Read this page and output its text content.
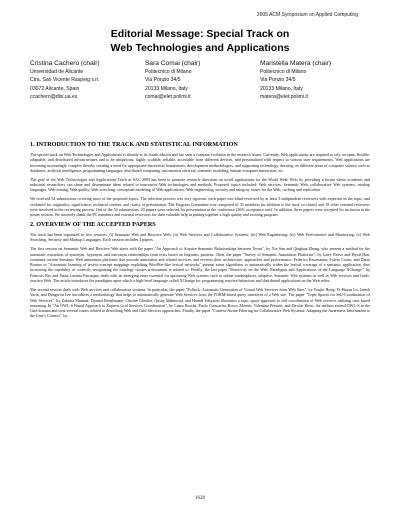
2005 ACM Symposium on Applied Computing
Editorial Message: Special Track on
Web Technologies and Applications
Cristina Cachero (chair)
Universidad de Alicante
Ctra. San Vicente Raspeig s.n.
03072 Alicante, Spain
ccachero@dlsi.ua.es
Sara Comai (chair)
Politecnico di Milano
Via Ponzio 34/5
20133 Milano, Italy
comai@elet.polimi.it
Maristella Matera (chair)
Politecnico di Milano
Via Ponzio 34/5
20133 Milano, Italy
matera@elet.polimi.it
1. INTRODUCTION TO THE TRACK AND STATISTICAL INFORMATION

The special track on Web Technologies and Applications is already at its fourth edition and has seen a constant evolution in the research issues. Currently, Web applications are required to rely on open, flexible, adaptable, and distributed infrastructures and to be ubiquitous, highly scalable, reliable, accessible from different devices, and personalized with respect to various user requirements. Web applications are becoming increasingly complex thereby creating a need for appropriate theoretical foundations, development methodologies, and supporting technology, drawing on different areas of computer science such as databases, artificial intelligence, programming languages, distributed computing, information retrieval, semantic modeling, human-computer interaction, etc.

The goal of the Web Technologies and Applications Track at SAC 2005 has been to promote research directions on novel applications for the World Wide Web, by providing a forum where academic and industrial researchers can share and disseminate ideas related to innovative Web technologies and methods. Proposed topics included: Web services, Semantic Web, collaborative Web systems, markup languages, Web mining, Web quality, Web searching, conceptual modeling of Web applications, Web engineering, security and integrity issues for the Web, caching and replication.

We received 54 submissions covering most of the proposed topics. The selection process was very rigorous: each paper was blind-reviewed by at least 3 independent reviewers with expertise in the topic, and evaluated for originality, significance, technical content, and clarity of presentation. The Program Committee was composed of 35 members (in addition to the track co-chairs) and 18 other external reviewers were involved in the reviewing process. Out of the 54 submissions, 20 papers were selected for presentation at the conference (36% acceptance rate). In addition, three papers were accepted for inclusion in the poster session. We sincerely thank the PC members and external reviewers for their valuable help in putting together a high quality and exciting program.

2. OVERVIEW OF THE ACCEPTED PAPERS

The track has been organized in five sessions: (i) Semantic Web and Reactive Web; (ii) Web Services and Collaborative Systems; (iii) Web Engineering; (iv) Web Performance and Monitoring; (v) Web Searching, Security and Markup Languages. Each session includes 4 papers.

The first session on Semantic Web and Reactive Web starts with the paper "An Approach to Acquire Semantic Relationships between Terms", by Xia Sun and Qinghua Zheng, who present a method for the automatic extraction of synonym, hyponym, and meronym relationships from texts based on linguistic patterns. Then, the paper "Survey of Semantic Annotation Platforms", by Larry Reeve and Hyoil Han, examines current Semantic Web annotation platforms that provide annotation and related services, and reviews their architecture, approaches and performance. Federico Pasceranna, Fulvio Corno, and Dario Bonino in "Automatic learning of text-to-concept mappings exploiting WordNet-like lexical networks" present some algorithms to automatically widen the lexical coverage of a semantic application, thus increasing the capability of correctly recognizing the ontology classes a document is related to. Finally, the last paper "Reactivity on the Web: Paradigms and Applications of the Language XChange", by Francois Bry and Paula Lavinia Patranjan, deals with an emerging issue essential for upcoming Web systems such as online marketplaces, adaptive, Semantic Web systems as well as Web services and Grids: reactive Web. The article introduces the paradigms upon which a high-level language called XChange for programming reactive behaviour and distributed applications on the Web relies.

The second session deals with Web services and collaborative systems. In particular, the paper "Pollock: Automatic Generation of Virtual Web Services from Web Sites", by Youjin Hong, Yi-Hsuan Lo, Jinesh Varia, and Dongwon Lee introduces a methodology that helps to automatically generate Web Services from the FORM-based query interfaces of a Web site. The paper "Topic Spaces for Self-Coordination of Web Services", by Zakaria Maamar, Djamal Benslimane, Chirine Ghedira, Qusay Mahmoud, and Hamdi Yahyaoui illustrates a topic space approach to self coordination of Web services utilizing case based reasoning. In "An OWL-S Based Approach to Express Grid Services Coordination", by Laura Bocchi, Paolo Ciancarini, Rocco Moretti, Valentina Presutti, and Davide Rossi, the authors extend OWL-S to the Grid domain and treat several issues related to describing Web and Grid Services approaches. Finally, the paper "Context-Aware Filtering for Collaborative Web Systems: Adapting the Awareness Information to the User's Context", by

1628
